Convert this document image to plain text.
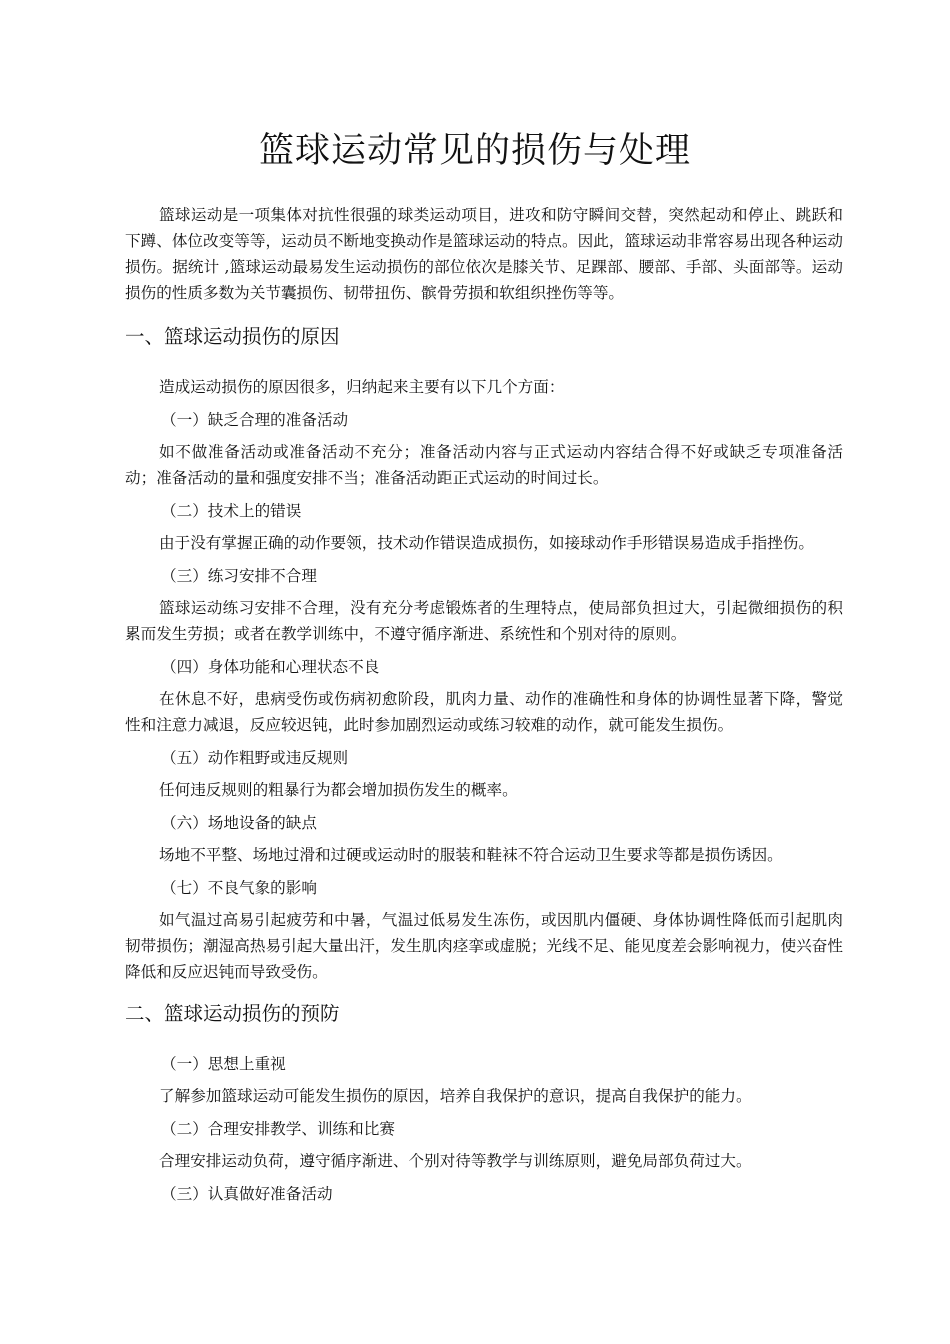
篮球运动常见的损伤与处理

篮球运动是一项集体对抗性很强的球类运动项目，进攻和防守瞬间交替，突然起动和停止、跳跃和下蹲、体位改变等等，运动员不断地变换动作是篮球运动的特点。因此，篮球运动非常容易出现各种运动损伤。据统计 ,篮球运动最易发生运动损伤的部位依次是膝关节、足踝部、腰部、手部、头面部等。运动损伤的性质多数为关节囊损伤、韧带扭伤、髌骨劳损和软组织挫伤等等。

一、篮球运动损伤的原因

造成运动损伤的原因很多，归纳起来主要有以下几个方面：

（一）缺乏合理的准备活动

如不做准备活动或准备活动不充分；准备活动内容与正式运动内容结合得不好或缺乏专项准备活动；准备活动的量和强度安排不当；准备活动距正式运动的时间过长。

（二）技术上的错误

由于没有掌握正确的动作要领，技术动作错误造成损伤，如接球动作手形错误易造成手指挫伤。

（三）练习安排不合理

篮球运动练习安排不合理，没有充分考虑锻炼者的生理特点，使局部负担过大，引起微细损伤的积累而发生劳损；或者在教学训练中，不遵守循序渐进、系统性和个别对待的原则。

（四）身体功能和心理状态不良

在休息不好，患病受伤或伤病初愈阶段，肌肉力量、动作的准确性和身体的协调性显著下降，警觉性和注意力减退，反应较迟钝，此时参加剧烈运动或练习较难的动作，就可能发生损伤。

（五）动作粗野或违反规则

任何违反规则的粗暴行为都会增加损伤发生的概率。

（六）场地设备的缺点

场地不平整、场地过滑和过硬或运动时的服装和鞋袜不符合运动卫生要求等都是损伤诱因。

（七）不良气象的影响

如气温过高易引起疲劳和中暑，气温过低易发生冻伤，或因肌内僵硬、身体协调性降低而引起肌肉韧带损伤；潮湿高热易引起大量出汗，发生肌肉痉挛或虚脱；光线不足、能见度差会影响视力，使兴奋性降低和反应迟钝而导致受伤。

二、篮球运动损伤的预防

（一）思想上重视

了解参加篮球运动可能发生损伤的原因，培养自我保护的意识，提高自我保护的能力。

（二）合理安排教学、训练和比赛

合理安排运动负荷，遵守循序渐进、个别对待等教学与训练原则，避免局部负荷过大。

（三）认真做好准备活动
